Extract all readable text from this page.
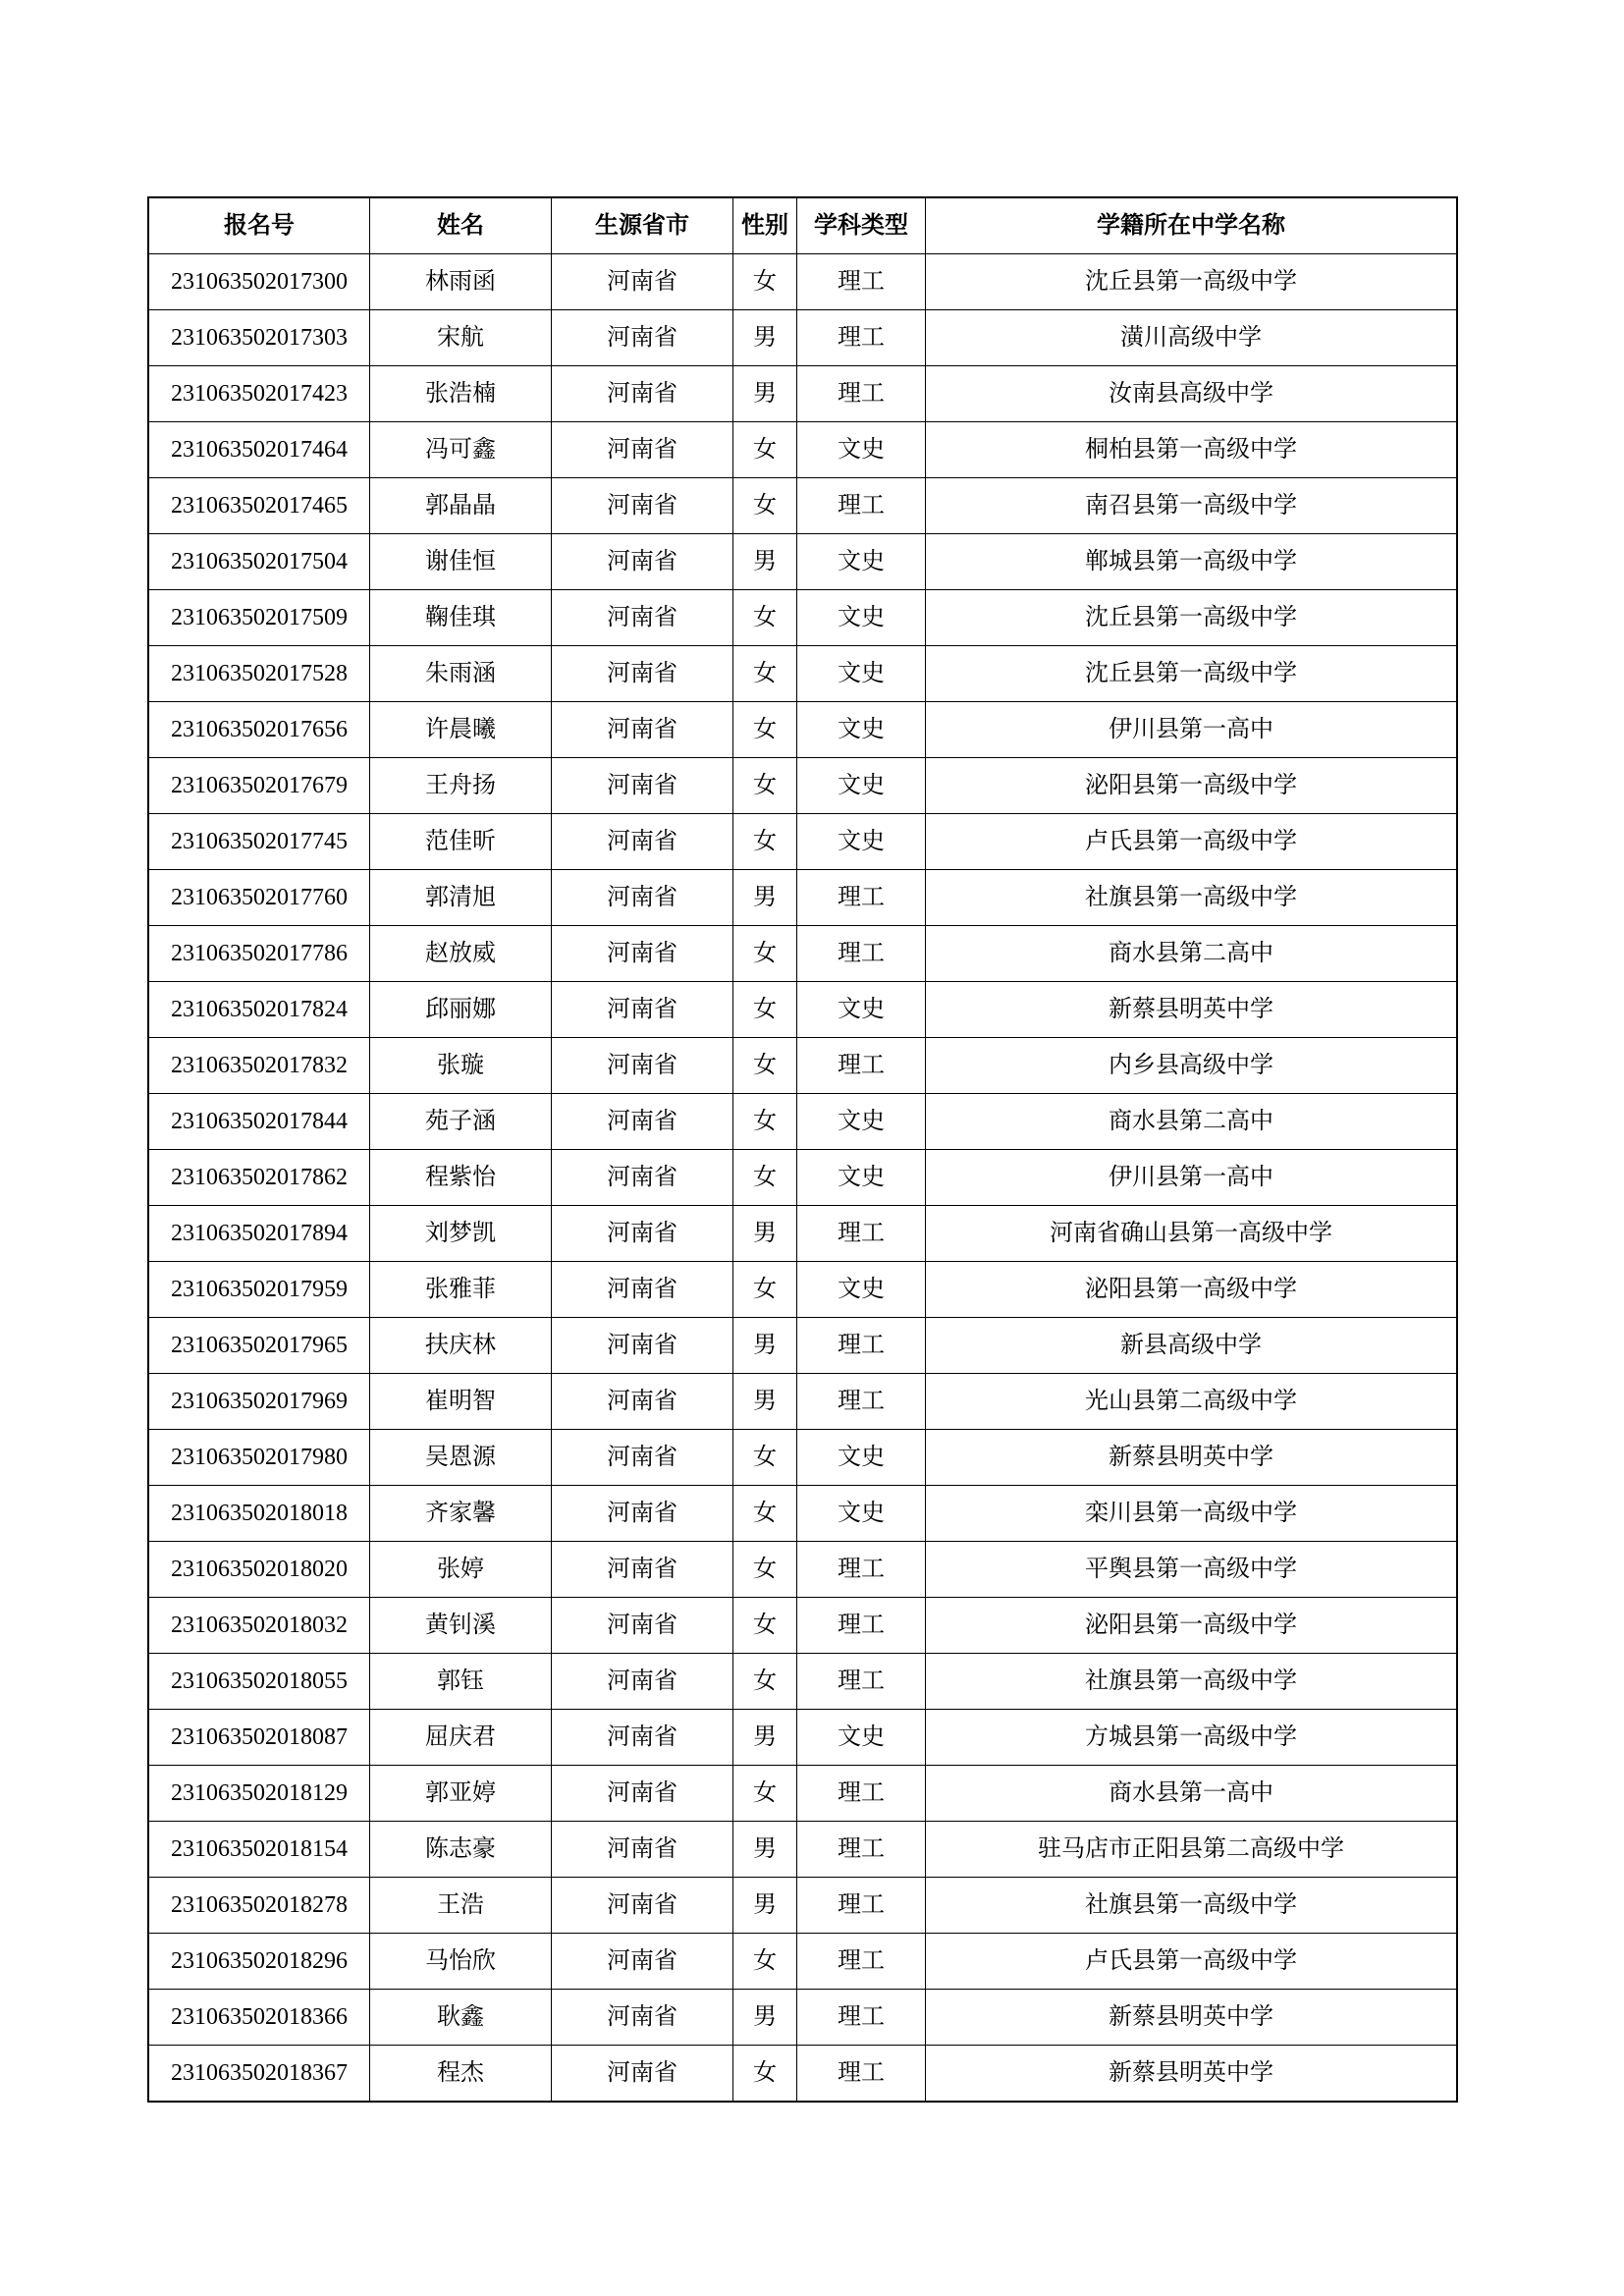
报名号	姓名	生源省市	性别	学科类型	学籍所在中学名称
231063502017300	林雨函	河南省	女	理工	沈丘县第一高级中学
231063502017303	宋航	河南省	男	理工	潢川高级中学
231063502017423	张浩楠	河南省	男	理工	汝南县高级中学
231063502017464	冯可鑫	河南省	女	文史	桐柏县第一高级中学
231063502017465	郭晶晶	河南省	女	理工	南召县第一高级中学
231063502017504	谢佳恒	河南省	男	文史	郸城县第一高级中学
231063502017509	鞠佳琪	河南省	女	文史	沈丘县第一高级中学
231063502017528	朱雨涵	河南省	女	文史	沈丘县第一高级中学
231063502017656	许晨曦	河南省	女	文史	伊川县第一高中
231063502017679	王舟扬	河南省	女	文史	泌阳县第一高级中学
231063502017745	范佳昕	河南省	女	文史	卢氏县第一高级中学
231063502017760	郭清旭	河南省	男	理工	社旗县第一高级中学
231063502017786	赵放威	河南省	女	理工	商水县第二高中
231063502017824	邱丽娜	河南省	女	文史	新蔡县明英中学
231063502017832	张璇	河南省	女	理工	内乡县高级中学
231063502017844	苑子涵	河南省	女	文史	商水县第二高中
231063502017862	程紫怡	河南省	女	文史	伊川县第一高中
231063502017894	刘梦凯	河南省	男	理工	河南省确山县第一高级中学
231063502017959	张雅菲	河南省	女	文史	泌阳县第一高级中学
231063502017965	扶庆林	河南省	男	理工	新县高级中学
231063502017969	崔明智	河南省	男	理工	光山县第二高级中学
231063502017980	吴恩源	河南省	女	文史	新蔡县明英中学
231063502018018	齐家馨	河南省	女	文史	栾川县第一高级中学
231063502018020	张婷	河南省	女	理工	平舆县第一高级中学
231063502018032	黄钊溪	河南省	女	理工	泌阳县第一高级中学
231063502018055	郭钰	河南省	女	理工	社旗县第一高级中学
231063502018087	屈庆君	河南省	男	文史	方城县第一高级中学
231063502018129	郭亚婷	河南省	女	理工	商水县第一高中
231063502018154	陈志豪	河南省	男	理工	驻马店市正阳县第二高级中学
231063502018278	王浩	河南省	男	理工	社旗县第一高级中学
231063502018296	马怡欣	河南省	女	理工	卢氏县第一高级中学
231063502018366	耿鑫	河南省	男	理工	新蔡县明英中学
231063502018367	程杰	河南省	女	理工	新蔡县明英中学
